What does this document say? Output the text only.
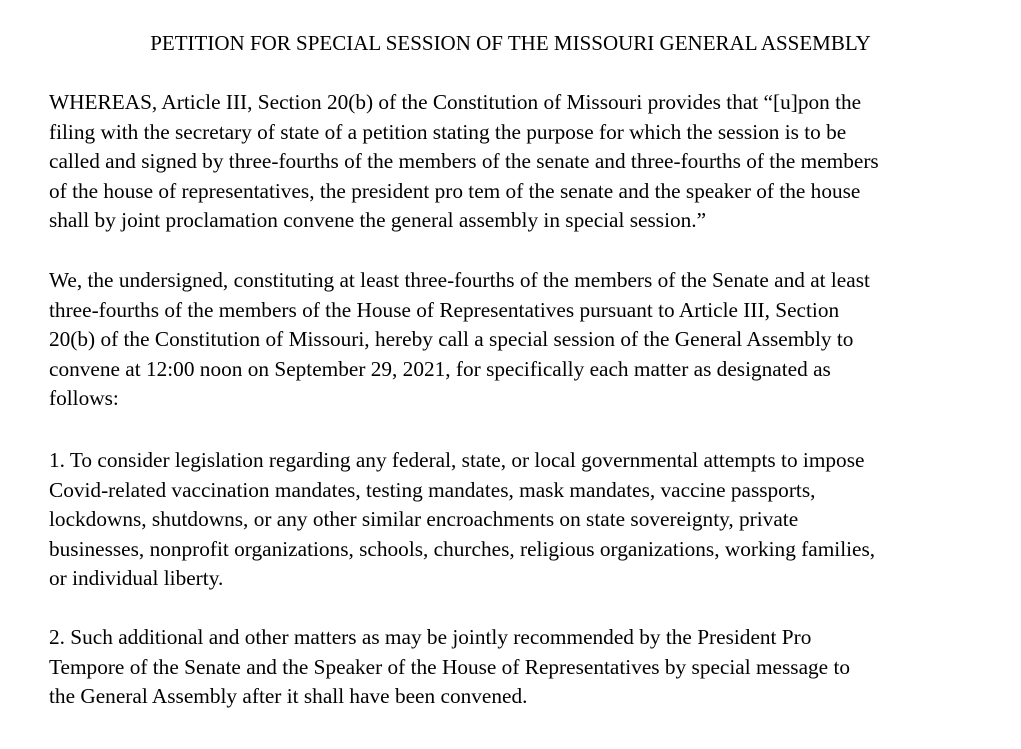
PETITION FOR SPECIAL SESSION OF THE MISSOURI GENERAL ASSEMBLY

WHEREAS, Article III, Section 20(b) of the Constitution of Missouri provides that “[u]pon the
filing with the secretary of state of a petition stating the purpose for which the session is to be
called and signed by three-fourths of the members of the senate and three-fourths of the members
of the house of representatives, the president pro tem of the senate and the speaker of the house
shall by joint proclamation convene the general assembly in special session.”

We, the undersigned, constituting at least three-fourths of the members of the Senate and at least
three-fourths of the members of the House of Representatives pursuant to Article III, Section
20(b) of the Constitution of Missouri, hereby call a special session of the General Assembly to
convene at 12:00 noon on September 29, 2021, for specifically each matter as designated as
follows:

1. To consider legislation regarding any federal, state, or local governmental attempts to impose
Covid-related vaccination mandates, testing mandates, mask mandates, vaccine passports,
lockdowns, shutdowns, or any other similar encroachments on state sovereignty, private
businesses, nonprofit organizations, schools, churches, religious organizations, working families,
or individual liberty.

2. Such additional and other matters as may be jointly recommended by the President Pro
Tempore of the Senate and the Speaker of the House of Representatives by special message to
the General Assembly after it shall have been convened.
